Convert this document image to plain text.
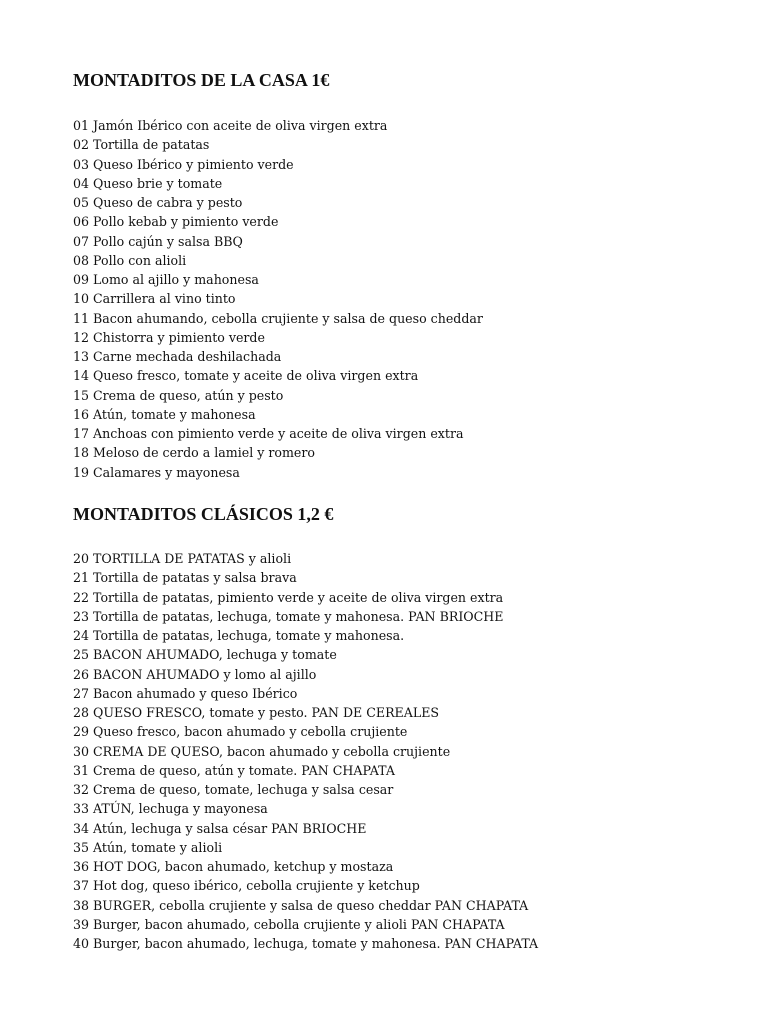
MONTADITOS DE LA CASA 1€
01 Jamón Ibérico con aceite de oliva virgen extra
02 Tortilla de patatas
03 Queso Ibérico y pimiento verde
04 Queso brie y tomate
05 Queso de cabra y pesto
06 Pollo kebab y pimiento verde
07 Pollo cajún y salsa BBQ
08 Pollo con alioli
09 Lomo al ajillo y mahonesa
10 Carrillera al vino tinto
11 Bacon ahumando, cebolla crujiente y salsa de queso cheddar
12 Chistorra y pimiento verde
13 Carne mechada deshilachada
14 Queso fresco, tomate y aceite de oliva virgen extra
15 Crema de queso, atún y pesto
16 Atún, tomate y mahonesa
17 Anchoas con pimiento verde y aceite de oliva virgen extra
18 Meloso de cerdo a lamiel y romero
19 Calamares y mayonesa
MONTADITOS CLÁSICOS 1,2 €
20 TORTILLA DE PATATAS y alioli
21 Tortilla de patatas y salsa brava
22 Tortilla de patatas, pimiento verde y aceite de oliva virgen extra
23 Tortilla de patatas, lechuga, tomate y mahonesa. PAN BRIOCHE
24 Tortilla de patatas, lechuga, tomate y mahonesa.
25 BACON AHUMADO, lechuga y tomate
26 BACON AHUMADO y lomo al ajillo
27 Bacon ahumado y queso Ibérico
28 QUESO FRESCO, tomate y pesto. PAN DE CEREALES
29 Queso fresco, bacon ahumado y cebolla crujiente
30 CREMA DE QUESO, bacon ahumado y cebolla crujiente
31 Crema de queso, atún y tomate. PAN CHAPATA
32 Crema de queso, tomate, lechuga y salsa cesar
33 ATÚN, lechuga y mayonesa
34 Atún, lechuga y salsa césar PAN BRIOCHE
35 Atún, tomate y alioli
36 HOT DOG, bacon ahumado, ketchup y mostaza
37 Hot dog, queso ibérico, cebolla crujiente y ketchup
38 BURGER, cebolla crujiente y salsa de queso cheddar PAN CHAPATA
39 Burger, bacon ahumado, cebolla crujiente y alioli PAN CHAPATA
40 Burger, bacon ahumado, lechuga, tomate y mahonesa. PAN CHAPATA
